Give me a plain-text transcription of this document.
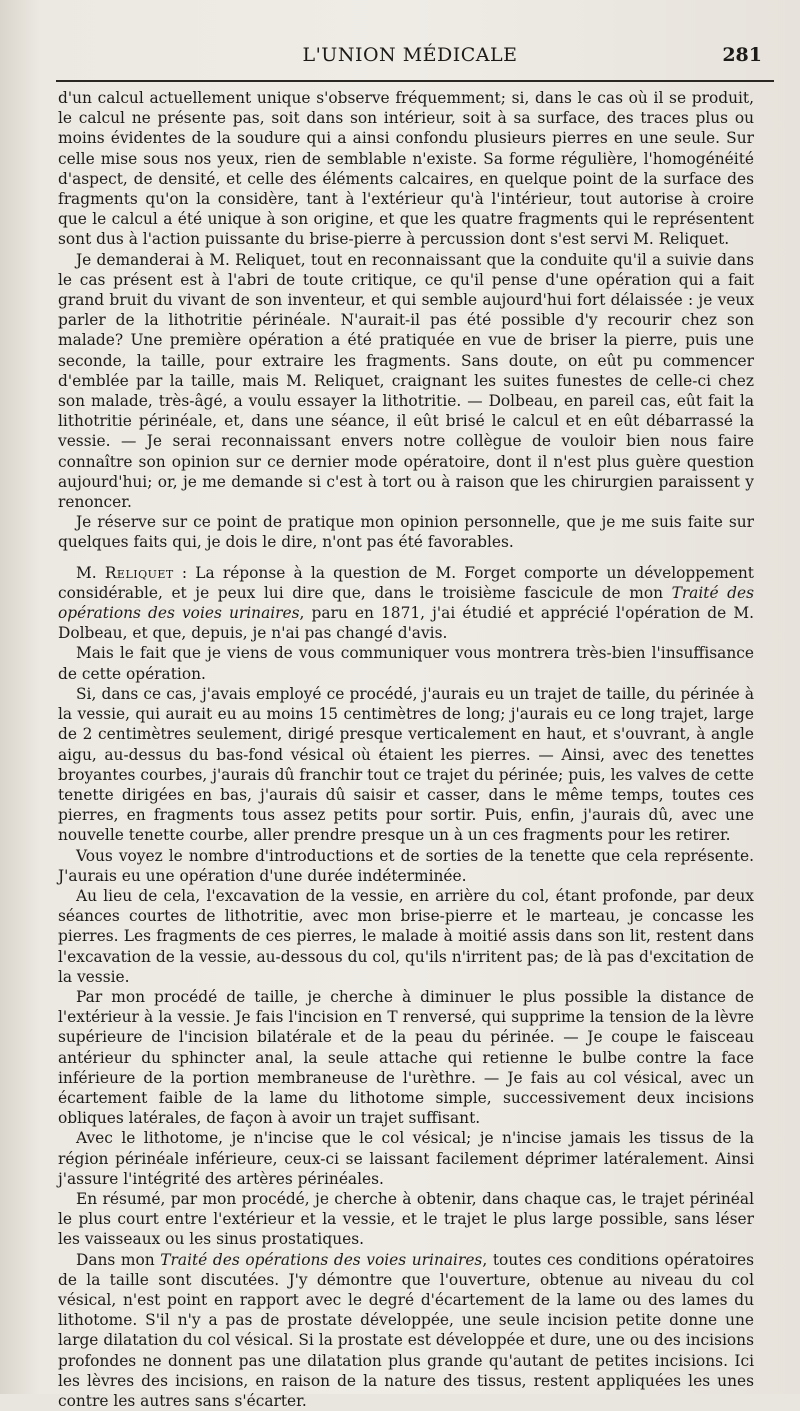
L'UNION MÉDICALE	281

d'un calcul actuellement unique s'observe fréquemment; si, dans le cas où il se produit, le calcul ne présente pas, soit dans son intérieur, soit à sa surface, des traces plus ou moins évidentes de la soudure qui a ainsi confondu plusieurs pierres en une seule. Sur celle mise sous nos yeux, rien de semblable n'existe. Sa forme régulière, l'homogénéité d'aspect, de densité, et celle des éléments calcaires, en quelque point de la surface des fragments qu'on la considère, tant à l'extérieur qu'à l'intérieur, tout autorise à croire que le calcul a été unique à son origine, et que les quatre fragments qui le représentent sont dus à l'action puissante du brise-pierre à percussion dont s'est servi M. Reliquet.

Je demanderai à M. Reliquet, tout en reconnaissant que la conduite qu'il a suivie dans le cas présent est à l'abri de toute critique, ce qu'il pense d'une opération qui a fait grand bruit du vivant de son inventeur, et qui semble aujourd'hui fort délaissée : je veux parler de la lithotritie périnéale. N'aurait-il pas été possible d'y recourir chez son malade? Une première opération a été pratiquée en vue de briser la pierre, puis une seconde, la taille, pour extraire les fragments. Sans doute, on eût pu commencer d'emblée par la taille, mais M. Reliquet, craignant les suites funestes de celle-ci chez son malade, très-âgé, a voulu essayer la lithotritie. — Dolbeau, en pareil cas, eût fait la lithotritie périnéale, et, dans une séance, il eût brisé le calcul et en eût débarrassé la vessie. — Je serai reconnaissant envers notre collègue de vouloir bien nous faire connaître son opinion sur ce dernier mode opératoire, dont il n'est plus guère question aujourd'hui; or, je me demande si c'est à tort ou à raison que les chirurgien paraissent y renoncer.

Je réserve sur ce point de pratique mon opinion personnelle, que je me suis faite sur quelques faits qui, je dois le dire, n'ont pas été favorables.

M. Reliquet : La réponse à la question de M. Forget comporte un développement considérable, et je peux lui dire que, dans le troisième fascicule de mon Traité des opérations des voies urinaires, paru en 1871, j'ai étudié et apprécié l'opération de M. Dolbeau, et que, depuis, je n'ai pas changé d'avis.

Mais le fait que je viens de vous communiquer vous montrera très-bien l'insuffisance de cette opération.

Si, dans ce cas, j'avais employé ce procédé, j'aurais eu un trajet de taille, du périnée à la vessie, qui aurait eu au moins 15 centimètres de long; j'aurais eu ce long trajet, large de 2 centimètres seulement, dirigé presque verticalement en haut, et s'ouvrant, à angle aigu, au-dessus du bas-fond vésical où étaient les pierres. — Ainsi, avec des tenettes broyantes courbes, j'aurais dû franchir tout ce trajet du périnée; puis, les valves de cette tenette dirigées en bas, j'aurais dû saisir et casser, dans le même temps, toutes ces pierres, en fragments tous assez petits pour sortir. Puis, enfin, j'aurais dû, avec une nouvelle tenette courbe, aller prendre presque un à un ces fragments pour les retirer.

Vous voyez le nombre d'introductions et de sorties de la tenette que cela représente. J'aurais eu une opération d'une durée indéterminée.

Au lieu de cela, l'excavation de la vessie, en arrière du col, étant profonde, par deux séances courtes de lithotritie, avec mon brise-pierre et le marteau, je concasse les pierres. Les fragments de ces pierres, le malade à moitié assis dans son lit, restent dans l'excavation de la vessie, au-dessous du col, qu'ils n'irritent pas; de là pas d'excitation de la vessie.

Par mon procédé de taille, je cherche à diminuer le plus possible la distance de l'extérieur à la vessie. Je fais l'incision en T renversé, qui supprime la tension de la lèvre supérieure de l'incision bilatérale et de la peau du périnée. — Je coupe le faisceau antérieur du sphincter anal, la seule attache qui retienne le bulbe contre la face inférieure de la portion membraneuse de l'urèthre. — Je fais au col vésical, avec un écartement faible de la lame du lithotome simple, successivement deux incisions obliques latérales, de façon à avoir un trajet suffisant.

Avec le lithotome, je n'incise que le col vésical; je n'incise jamais les tissus de la région périnéale inférieure, ceux-ci se laissant facilement déprimer latéralement. Ainsi j'assure l'intégrité des artères périnéales.

En résumé, par mon procédé, je cherche à obtenir, dans chaque cas, le trajet périnéal le plus court entre l'extérieur et la vessie, et le trajet le plus large possible, sans léser les vaisseaux ou les sinus prostatiques.

Dans mon Traité des opérations des voies urinaires, toutes ces conditions opératoires de la taille sont discutées. J'y démontre que l'ouverture, obtenue au niveau du col vésical, n'est point en rapport avec le degré d'écartement de la lame ou des lames du lithotome. S'il n'y a pas de prostate développée, une seule incision petite donne une large dilatation du col vésical. Si la prostate est développée et dure, une ou des incisions profondes ne donnent pas une dilatation plus grande qu'autant de petites incisions. Ici les lèvres des incisions, en raison de la nature des tissus, restent appliquées les unes contre les autres sans s'écarter.
